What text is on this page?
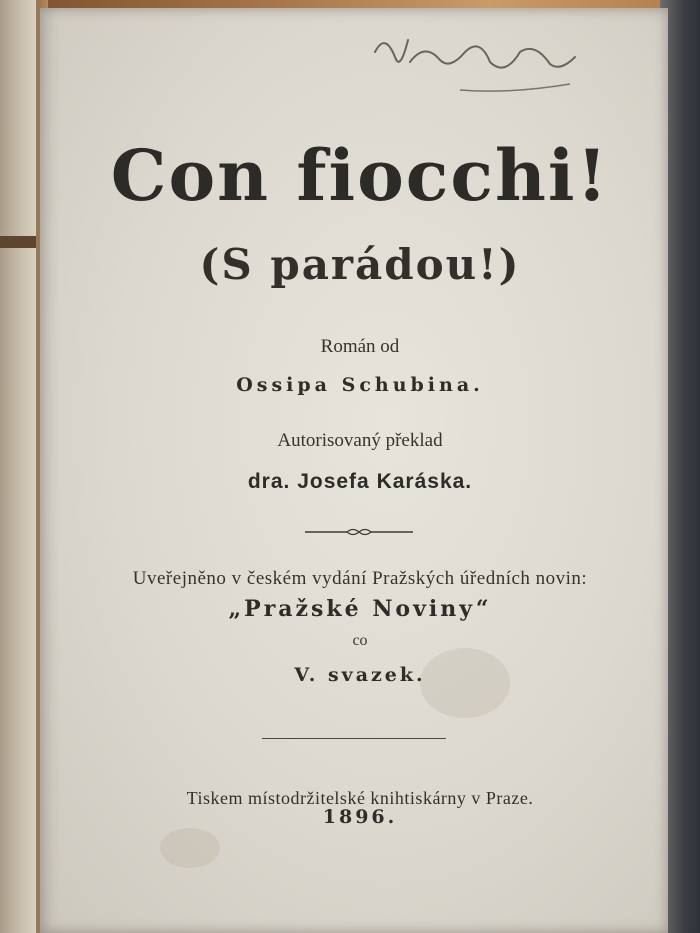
Con fiocchi!
(S parádou!)
Román od
Ossipa Schubina.
Autorisovaný překlad
dra. Josefa Karáska.
Uveřejněno v českém vydání Pražských úředních novin:
„Pražské Noviny“
co
V. svazek.
Tiskem místodržitelské knihtiskárny v Praze.
1896.
